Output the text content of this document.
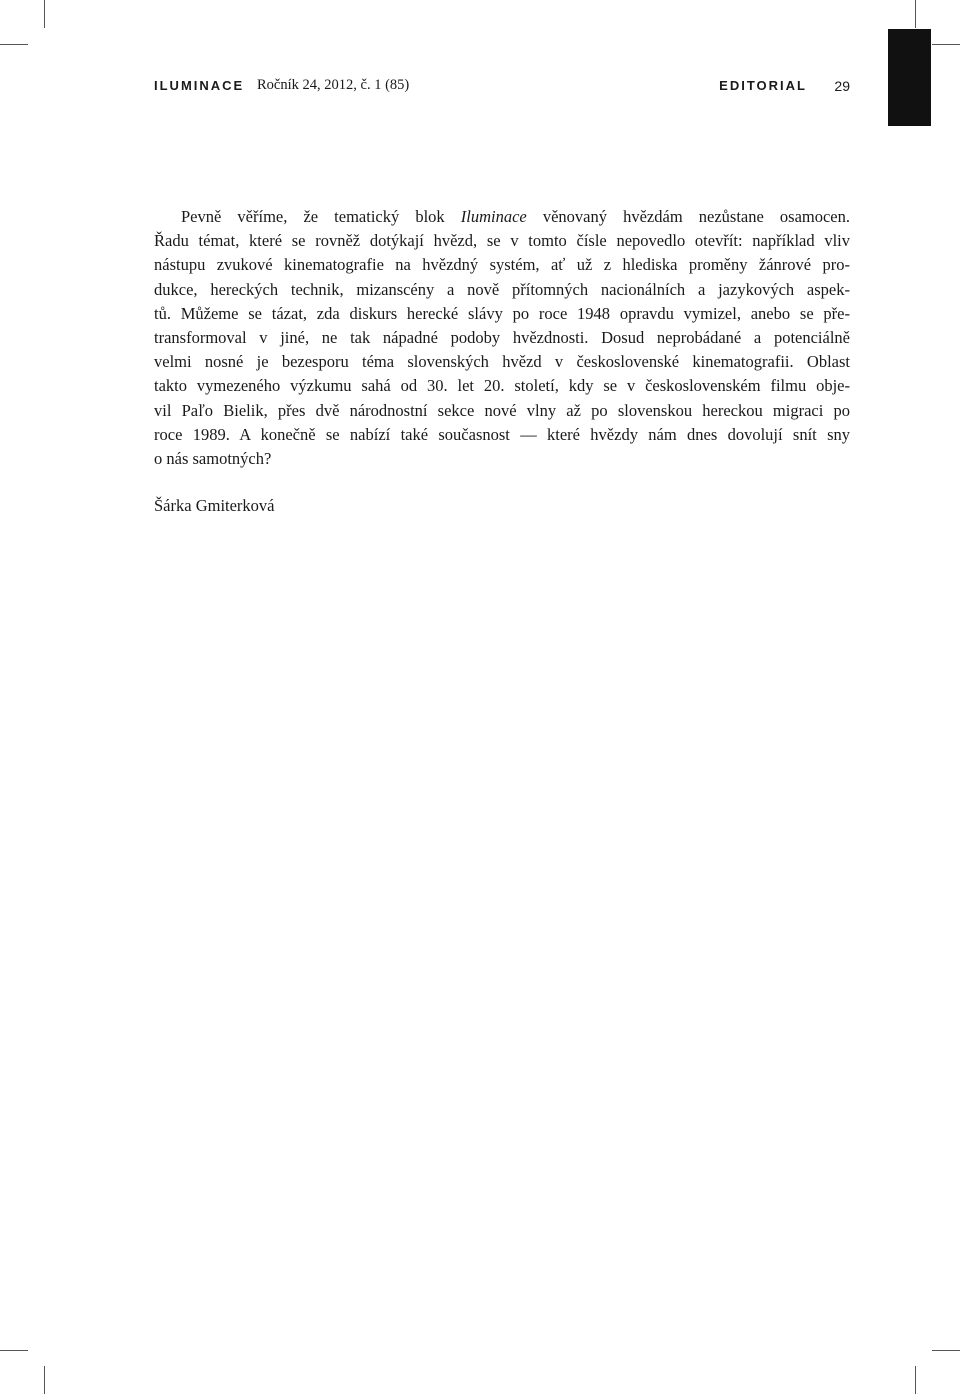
ILUMINACE Ročník 24, 2012, č. 1 (85)	EDITORIAL 29
Pevně věříme, že tematický blok Iluminace věnovaný hvězdám nezůstane osamocen.
Řadu témat, které se rovněž dotýkají hvězd, se v tomto čísle nepovedlo otevřít: například vliv
nástupu zvukové kinematografie na hvězdný systém, ať už z hlediska proměny žánrové pro-
dukce, hereckých technik, mizanscény a nově přítomných nacionálních a jazykových aspek-
tů. Můžeme se tázat, zda diskurs herecké slávy po roce 1948 opravdu vymizel, anebo se pře-
transformoval v jiné, ne tak nápadné podoby hvězdnosti. Dosud neprobádané a potenciálně
velmi nosné je bezesporu téma slovenských hvězd v československé kinematografii. Oblast
takto vymezeného výzkumu sahá od 30. let 20. století, kdy se v československém filmu obje-
vil Paľo Bielik, přes dvě národnostní sekce nové vlny až po slovenskou hereckou migraci po
roce 1989. A konečně se nabízí také současnost — které hvězdy nám dnes dovolují snít sny
o nás samotných?
Šárka Gmiterková
